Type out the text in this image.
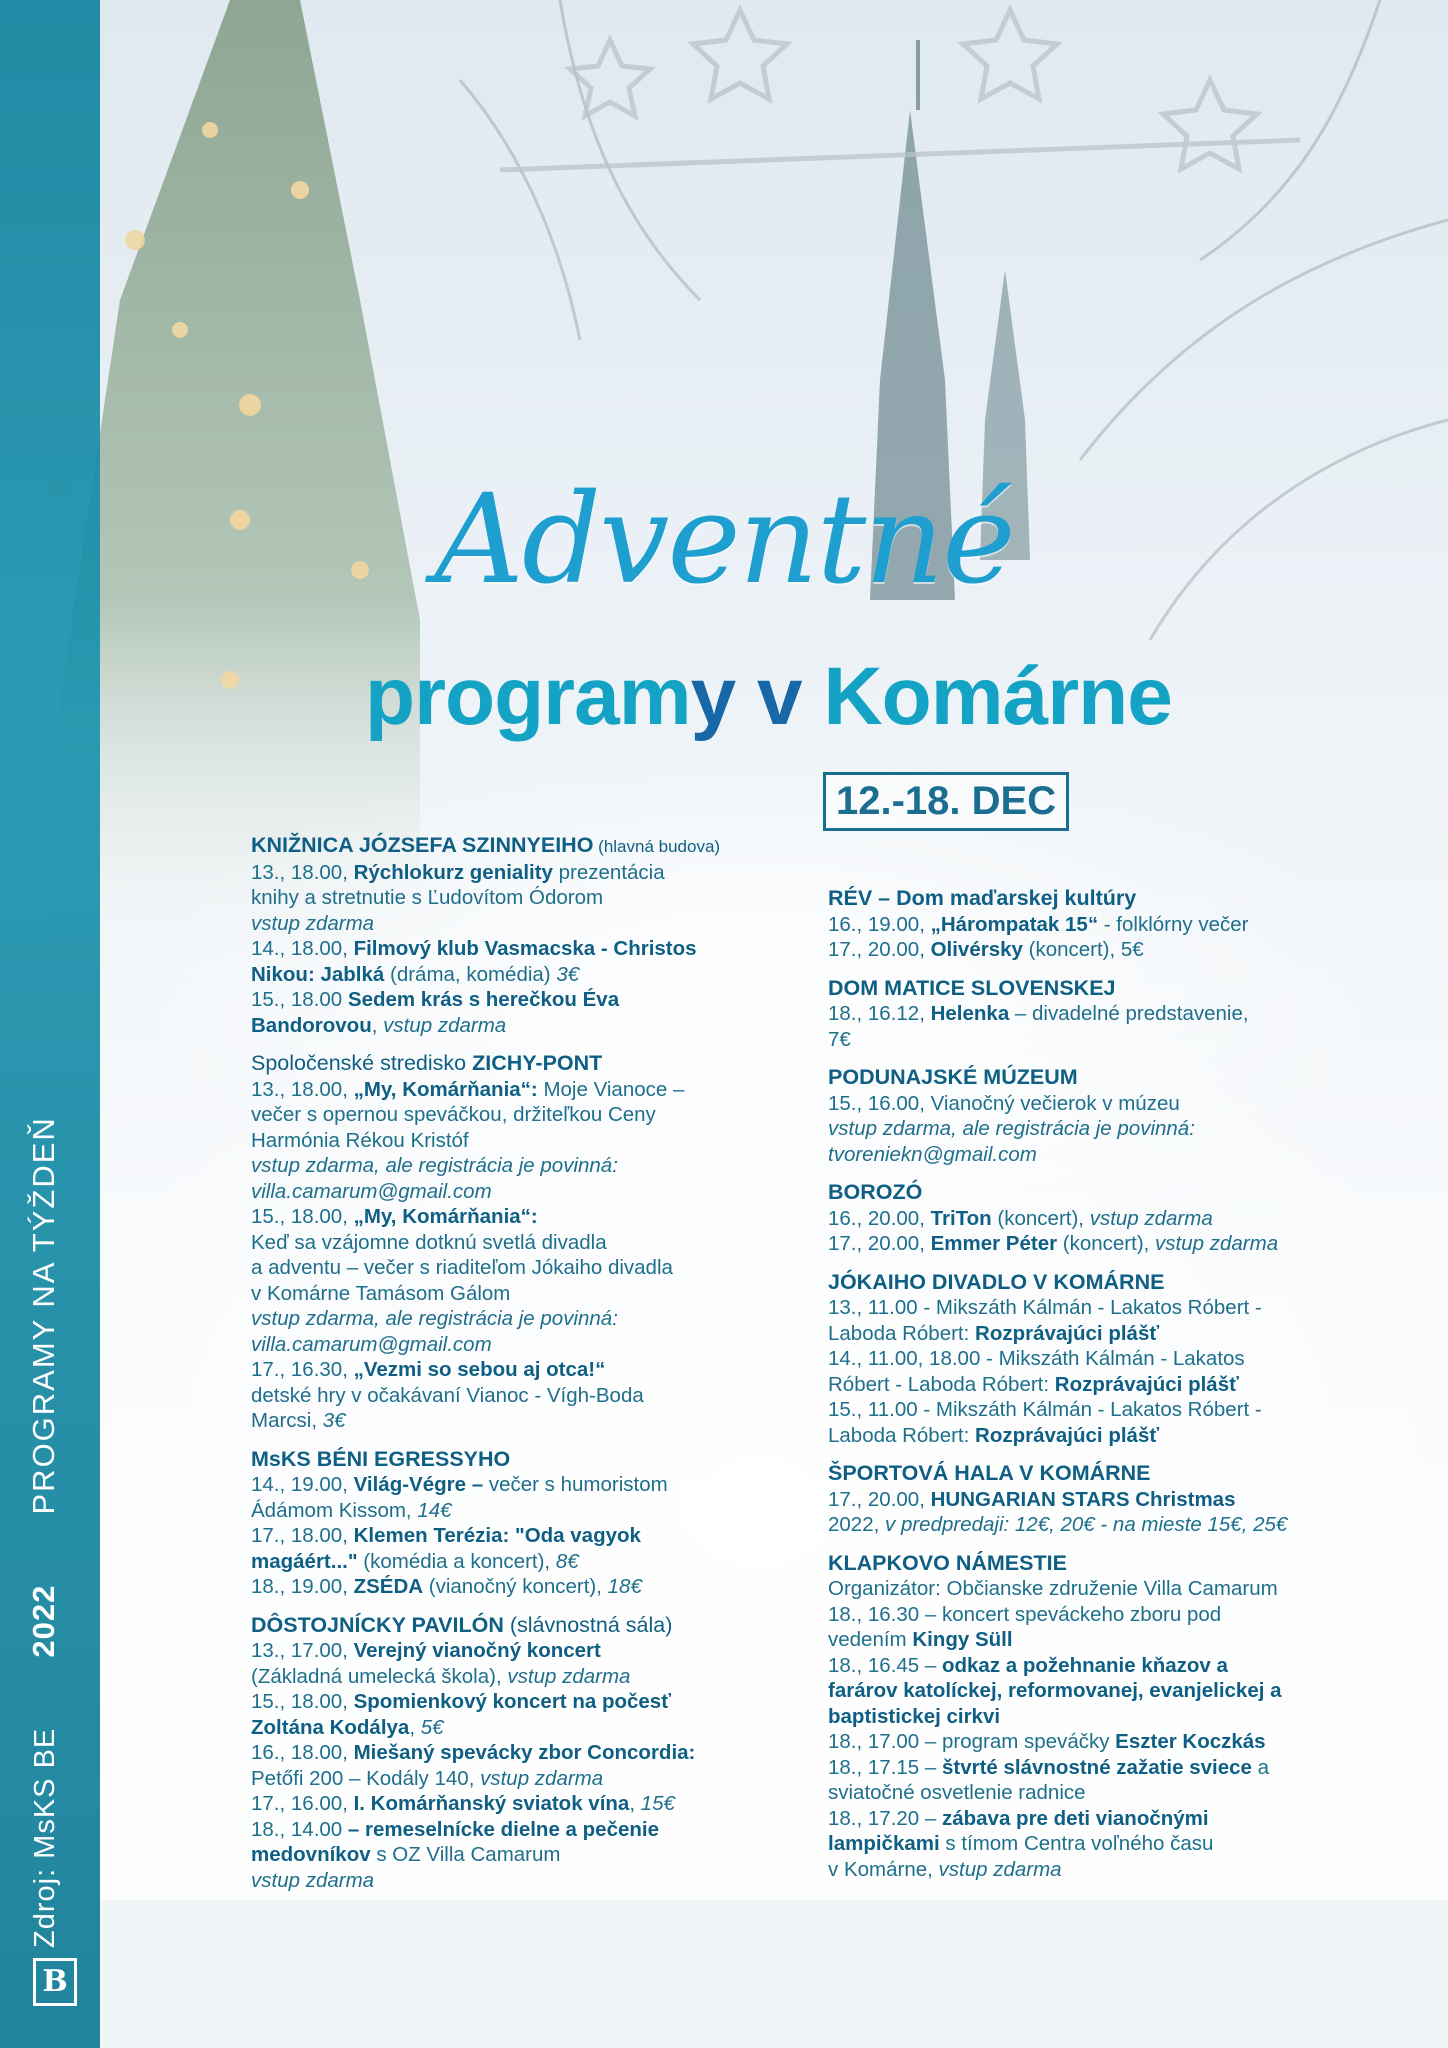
Zdroj: MsKS BE  2022  PROGRAMY NA TÝŽDEŇ
B
Adventné
programy v Komárne
12.-18. DEC
KNIŽNICA JÓZSEFA SZINNYEIHO (hlavná budova)
13., 18.00, Rýchlokurz geniality prezentácia
knihy a stretnutie s Ľudovítom Ódorom
vstup zdarma
14., 18.00, Filmový klub Vasmacska - Christos
Nikou: Jablká (dráma, komédia) 3€
15., 18.00 Sedem krás s herečkou Éva
Bandorovou, vstup zdarma
Spoločenské stredisko ZICHY-PONT
13., 18.00, „My, Komárňania“: Moje Vianoce –
večer s opernou speváčkou, držiteľkou Ceny
Harmónia Rékou Kristóf
vstup zdarma, ale registrácia je povinná:
villa.camarum@gmail.com
15., 18.00, „My, Komárňania“:
Keď sa vzájomne dotknú svetlá divadla
a adventu – večer s riaditeľom Jókaiho divadla
v Komárne Tamásom Gálom
vstup zdarma, ale registrácia je povinná:
villa.camarum@gmail.com
17., 16.30, „Vezmi so sebou aj otca!“
detské hry v očakávaní Vianoc - Vígh-Boda
Marcsi, 3€
MsKS BÉNI EGRESSYHO
14., 19.00, Világ-Végre – večer s humoristom
Ádámom Kissom, 14€
17., 18.00, Klemen Terézia: "Oda vagyok
magáért..." (komédia a koncert), 8€
18., 19.00, ZSÉDA (vianočný koncert), 18€
DÔSTOJNÍCKY PAVILÓN (slávnostná sála)
13., 17.00, Verejný vianočný koncert
(Základná umelecká škola), vstup zdarma
15., 18.00, Spomienkový koncert na počesť
Zoltána Kodálya, 5€
16., 18.00, Miešaný spevácky zbor Concordia:
Petőfi 200 – Kodály 140, vstup zdarma
17., 16.00, I. Komárňanský sviatok vína, 15€
18., 14.00 – remeselnícke dielne a pečenie
medovníkov s OZ Villa Camarum
vstup zdarma
RÉV – Dom maďarskej kultúry
16., 19.00, „Hárompatak 15“ - folklórny večer
17., 20.00, Olivérsky (koncert), 5€
DOM MATICE SLOVENSKEJ
18., 16.12, Helenka – divadelné predstavenie,
7€
PODUNAJSKÉ MÚZEUM
15., 16.00, Vianočný večierok v múzeu
vstup zdarma, ale registrácia je povinná:
tvoreniekn@gmail.com
BOROZÓ
16., 20.00, TriTon (koncert), vstup zdarma
17., 20.00, Emmer Péter (koncert), vstup zdarma
JÓKAIHO DIVADLO V KOMÁRNE
13., 11.00 - Mikszáth Kálmán - Lakatos Róbert -
Laboda Róbert: Rozprávajúci plášť
14., 11.00, 18.00 - Mikszáth Kálmán - Lakatos
Róbert - Laboda Róbert: Rozprávajúci plášť
15., 11.00 - Mikszáth Kálmán - Lakatos Róbert -
Laboda Róbert: Rozprávajúci plášť
ŠPORTOVÁ HALA V KOMÁRNE
17., 20.00, HUNGARIAN STARS Christmas
2022, v predpredaji: 12€, 20€ - na mieste 15€, 25€
KLAPKOVO NÁMESTIE
Organizátor: Občianske združenie Villa Camarum
18., 16.30 – koncert speváckeho zboru pod
vedením Kingy Süll
18., 16.45 – odkaz a požehnanie kňazov a
farárov katolíckej, reformovanej, evanjelickej a
baptistickej cirkvi
18., 17.00 – program speváčky Eszter Koczkás
18., 17.15 – štvrté slávnostné zažatie sviece a
sviatočné osvetlenie radnice
18., 17.20 – zábava pre deti vianočnými
lampičkami s tímom Centra voľného času
v Komárne, vstup zdarma
